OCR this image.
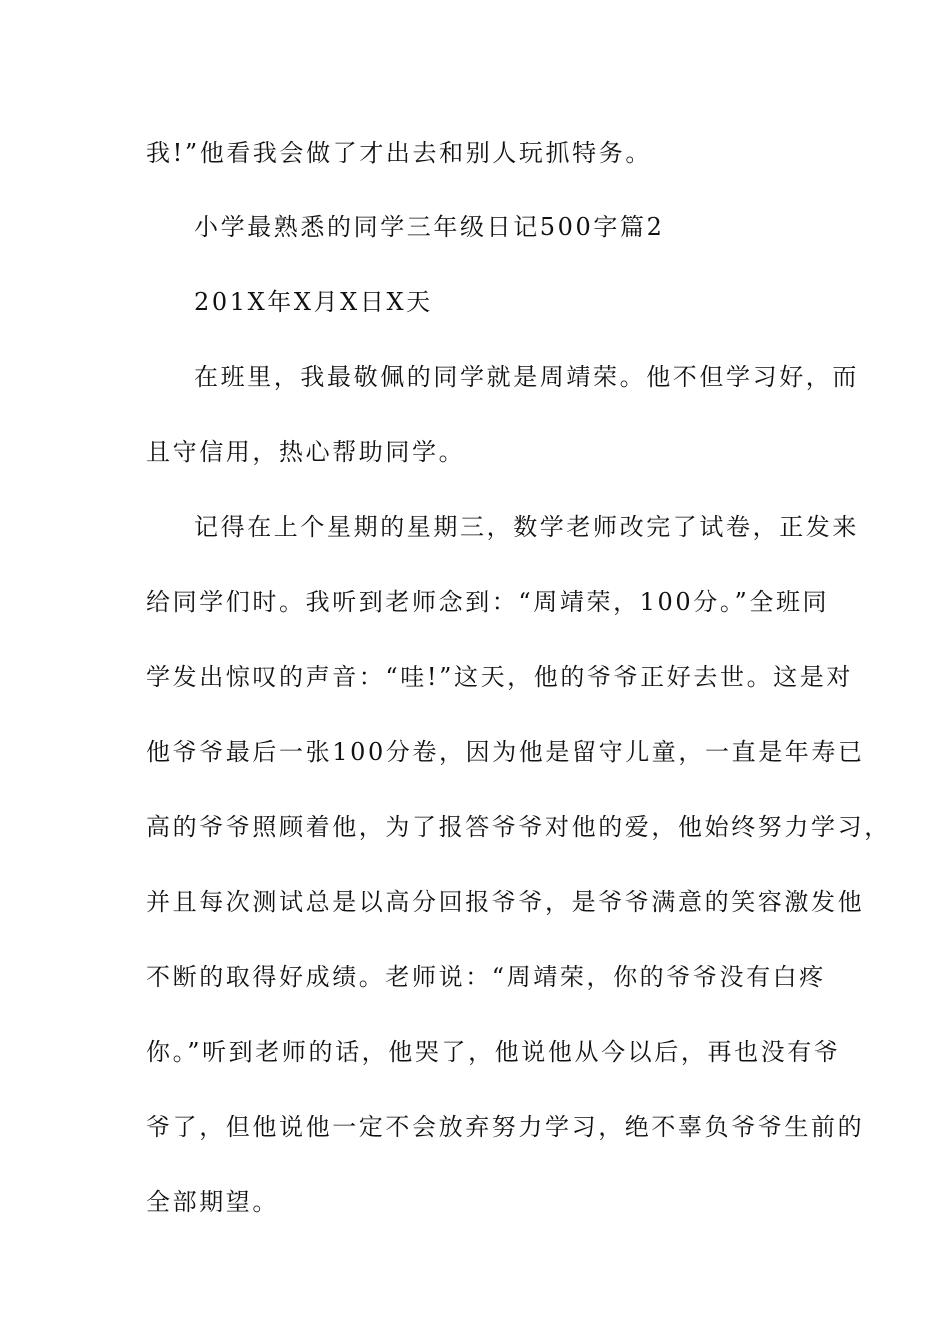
我!”他看我会做了才出去和别人玩抓特务。
小学最熟悉的同学三年级日记500字篇2
201X年X月X日X天
在班里，我最敬佩的同学就是周靖荣。他不但学习好，而
且守信用，热心帮助同学。
记得在上个星期的星期三，数学老师改完了试卷，正发来
给同学们时。我听到老师念到：“周靖荣，100分。”全班同
学发出惊叹的声音：“哇!”这天，他的爷爷正好去世。这是对
他爷爷最后一张100分卷，因为他是留守儿童，一直是年寿已
高的爷爷照顾着他，为了报答爷爷对他的爱，他始终努力学习，
并且每次测试总是以高分回报爷爷，是爷爷满意的笑容激发他
不断的取得好成绩。老师说：“周靖荣，你的爷爷没有白疼
你。”听到老师的话，他哭了，他说他从今以后，再也没有爷
爷了，但他说他一定不会放弃努力学习，绝不辜负爷爷生前的
全部期望。
